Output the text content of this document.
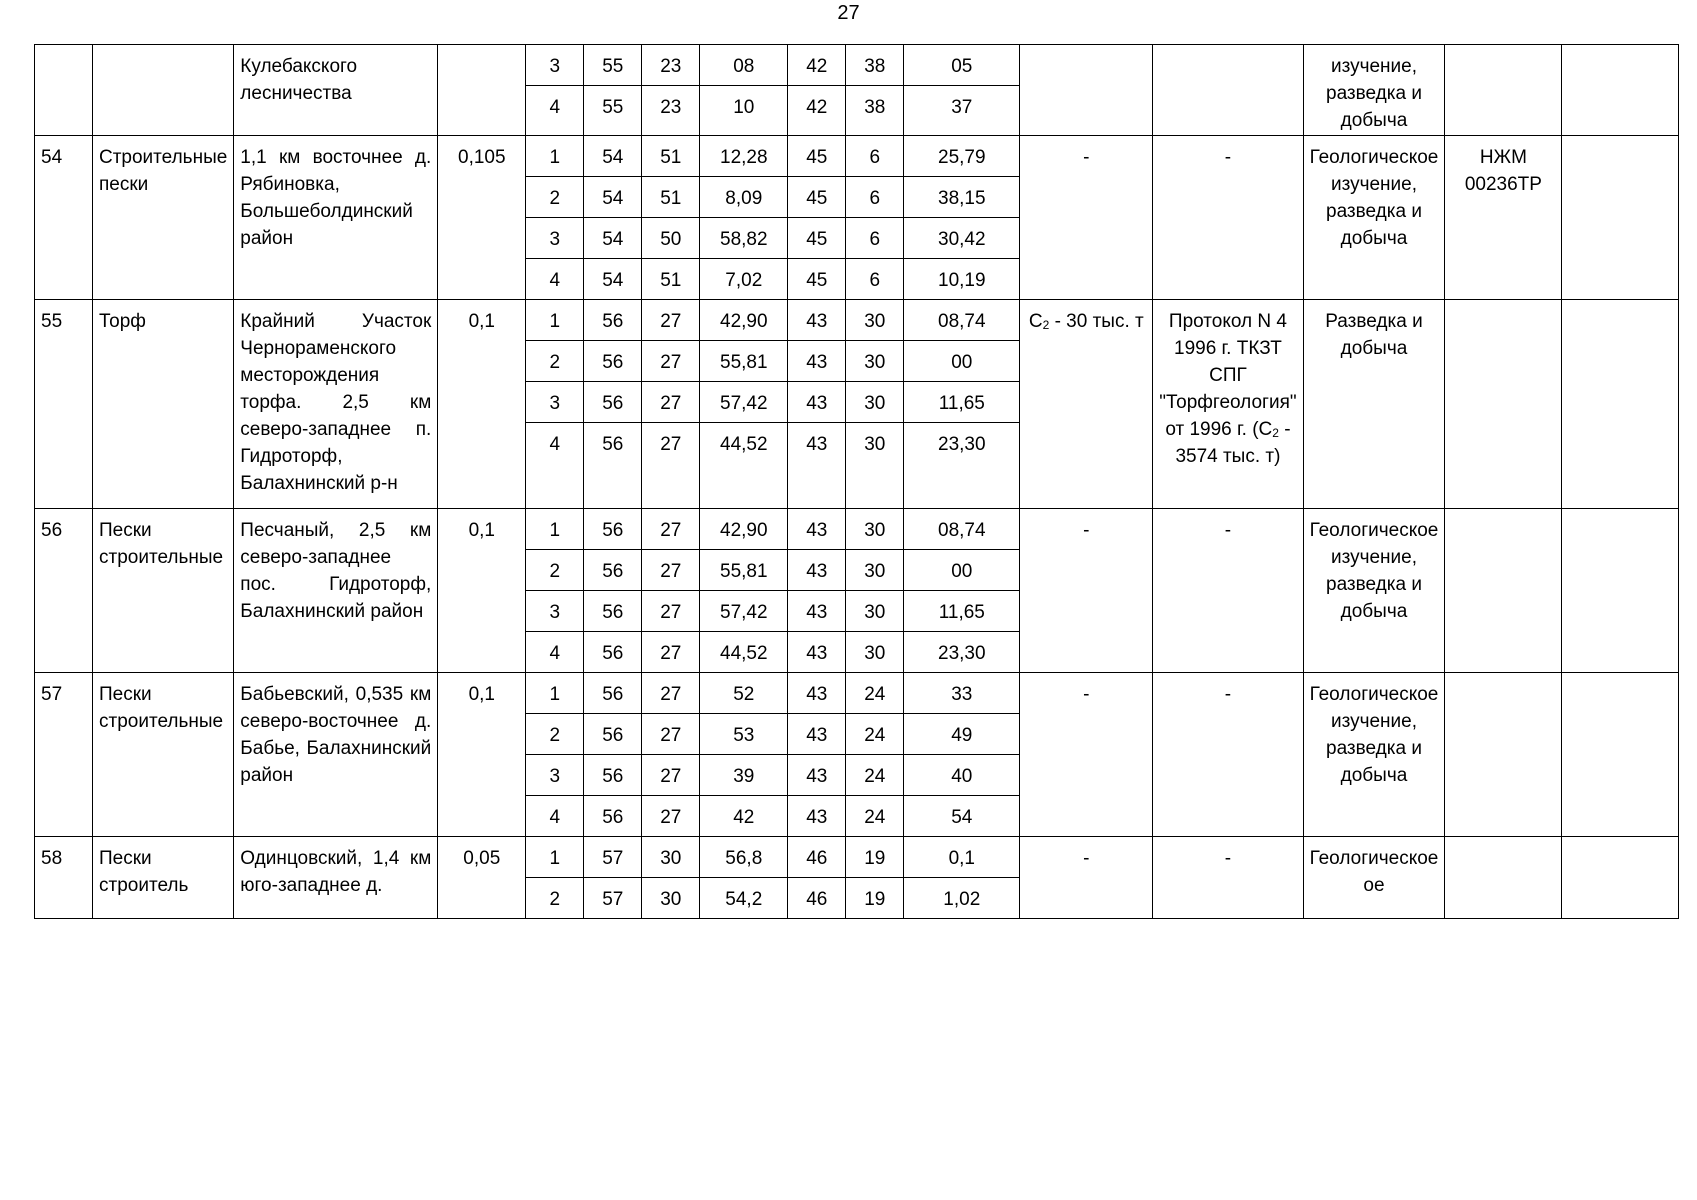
27
		Кулебакского лесничества		3	55	23	08	42	38	05			изучение, разведка и добыча		
				4	55	23	10	42	38	37					
54	Строительные пески	1,1 км восточнее д. Рябиновка, Большеболдинский район	0,105	1	54	51	12,28	45	6	25,79	-	-	Геологическое изучение, разведка и добыча	НЖМ 00236ТР	
				2	54	51	8,09	45	6	38,15					
				3	54	50	58,82	45	6	30,42					
				4	54	51	7,02	45	6	10,19					
55	Торф	Крайний Участок Чернораменского месторождения торфа. 2,5 км северо-западнее п. Гидроторф, Балахнинский р-н	0,1	1	56	27	42,90	43	30	08,74	$C_2 - 30$ тыс. т	Протокол N 4 1996 г. ТКЗТ СПГ "Торфгеология" от 1996 г. ($C_2 - 3574$ тыс. т)	Разведка и добыча		
				2	56	27	55,81	43	30	00					
				3	56	27	57,42	43	30	11,65					
				4	56	27	44,52	43	30	23,30					
56	Пески строительные	Песчаный, 2,5 км северо-западнее пос. Гидроторф, Балахнинский район	0,1	1	56	27	42,90	43	30	08,74	-	-	Геологическое изучение, разведка и добыча		
				2	56	27	55,81	43	30	00					
				3	56	27	57,42	43	30	11,65					
				4	56	27	44,52	43	30	23,30					
57	Пески строительные	Бабьевский, 0,535 км северо-восточнее д. Бабье, Балахнинский район	0,1	1	56	27	52	43	24	33	-	-	Геологическое изучение, разведка и добыча		
				2	56	27	53	43	24	49					
				3	56	27	39	43	24	40					
				4	56	27	42	43	24	54					
58	Пески строитель	Одинцовский, 1,4 км юго-западнее д.	0,05	1	57	30	56,8	46	19	0,1	-	-	Геологическое ое		
				2	57	30	54,2	46	19	1,02					
